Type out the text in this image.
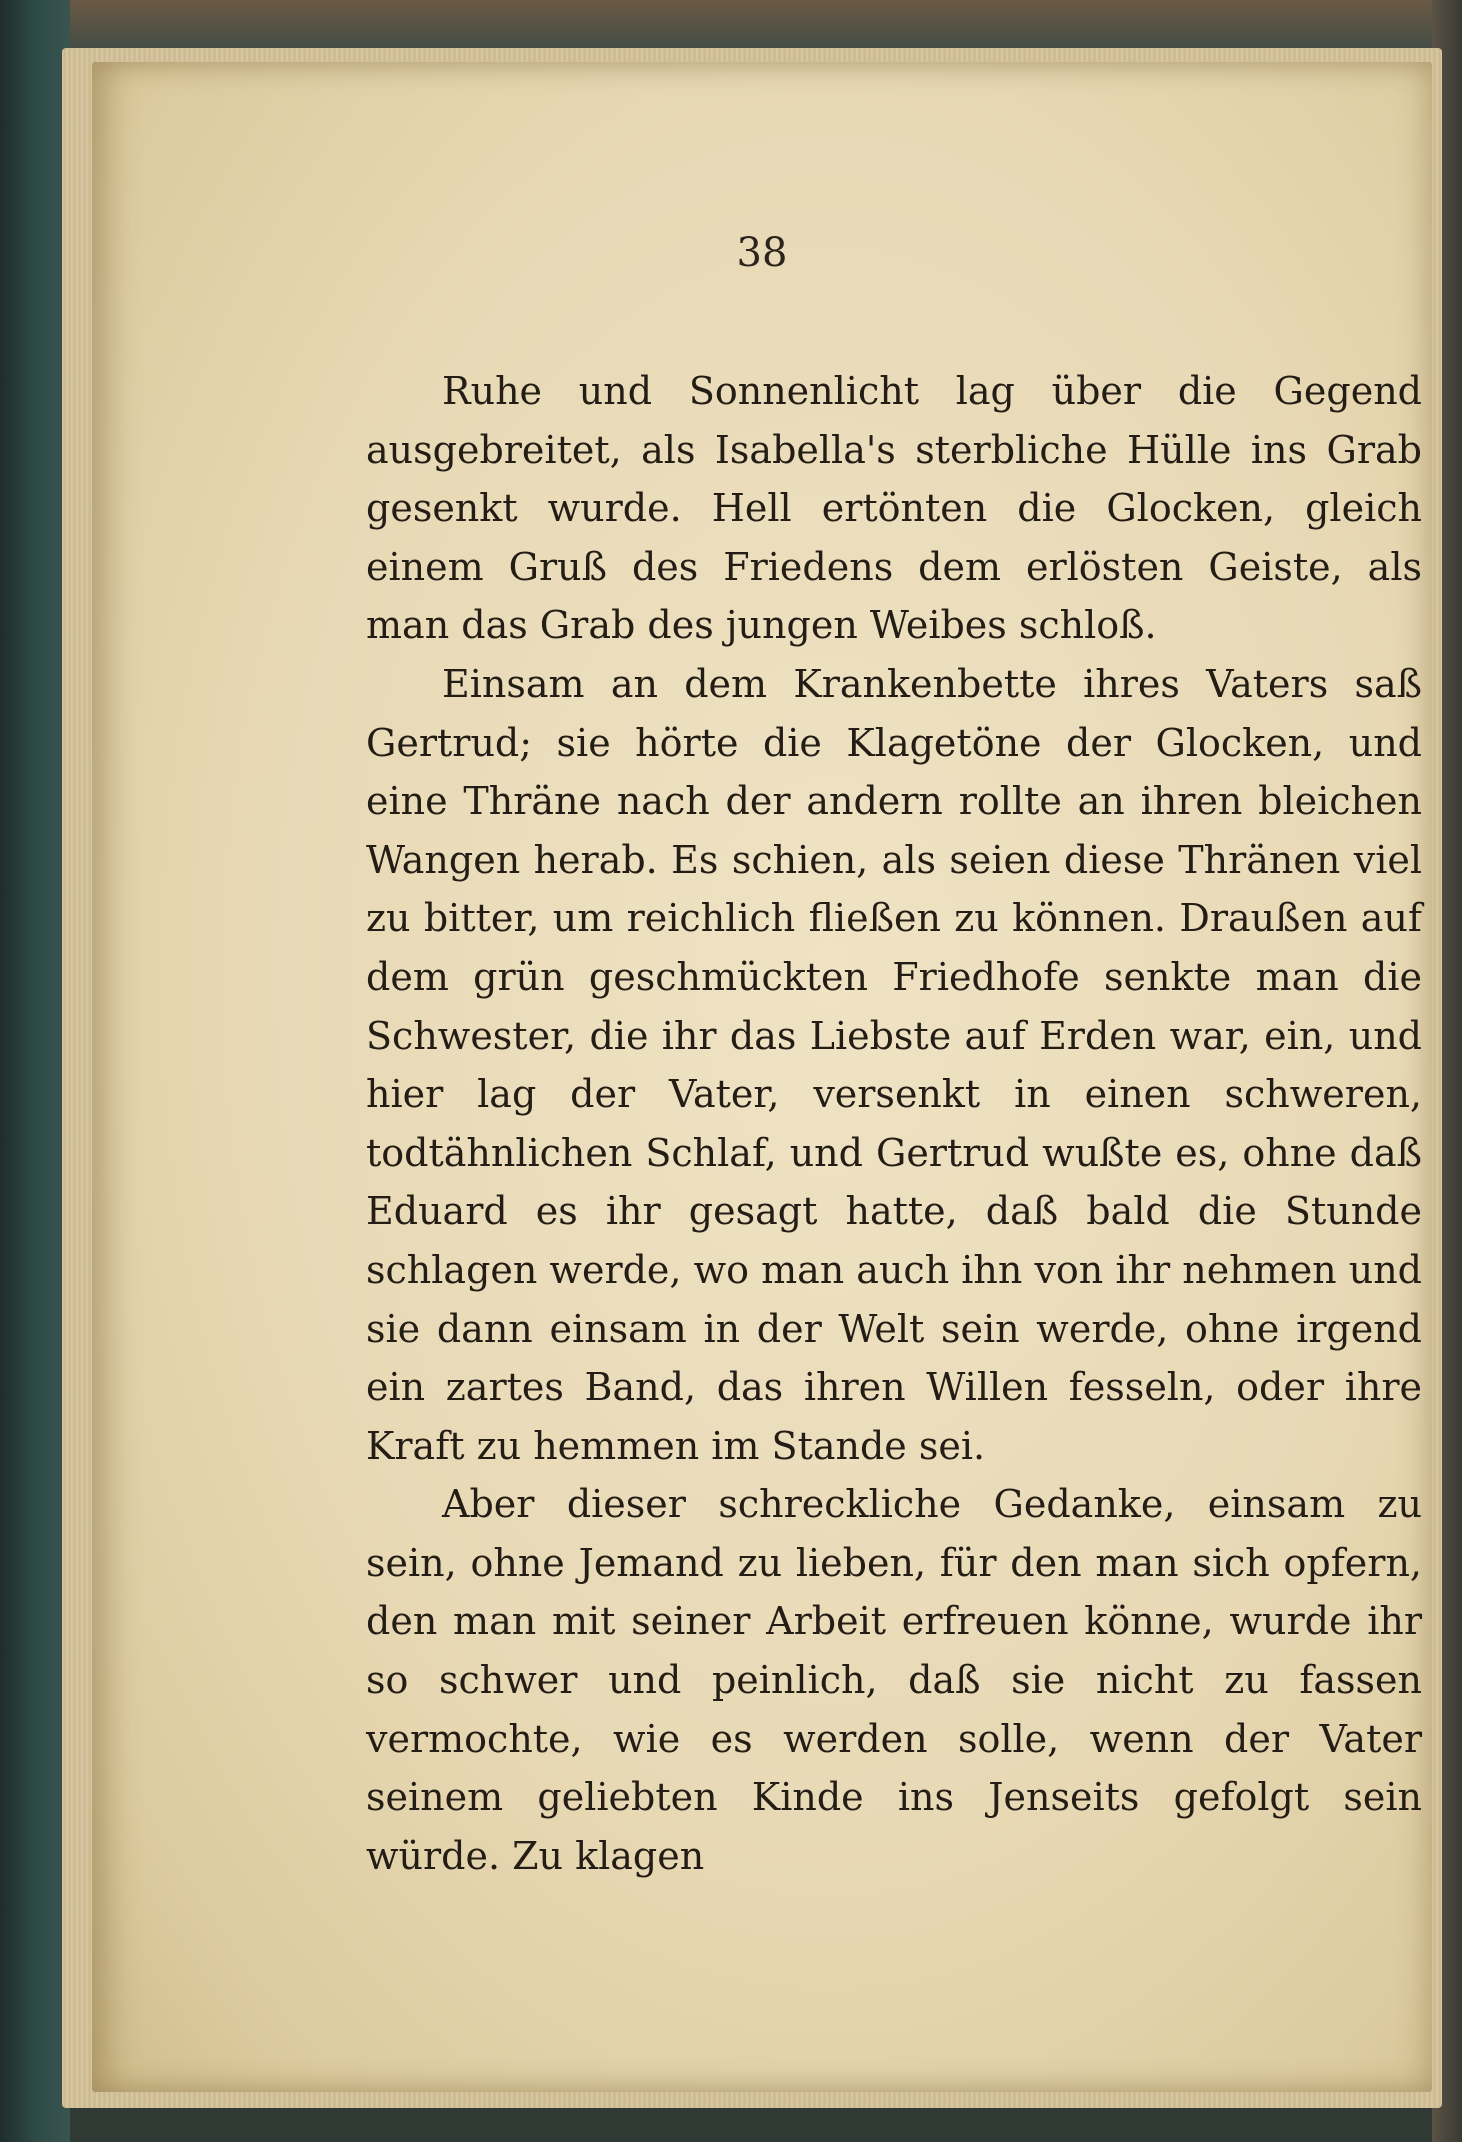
38

Ruhe und Sonnenlicht lag über die Gegend ausgebreitet, als Isabella's sterbliche Hülle ins Grab gesenkt wurde. Hell ertönten die Glocken, gleich einem Gruß des Friedens dem erlösten Geiste, als man das Grab des jungen Weibes schloß.

Einsam an dem Krankenbette ihres Vaters saß Gertrud; sie hörte die Klagetöne der Glocken, und eine Thräne nach der andern rollte an ihren bleichen Wangen herab. Es schien, als seien diese Thränen viel zu bitter, um reichlich fließen zu können. Draußen auf dem grün geschmückten Friedhofe senkte man die Schwester, die ihr das Liebste auf Erden war, ein, und hier lag der Vater, versenkt in einen schweren, todtähnlichen Schlaf, und Gertrud wußte es, ohne daß Eduard es ihr gesagt hatte, daß bald die Stunde schlagen werde, wo man auch ihn von ihr nehmen und sie dann einsam in der Welt sein werde, ohne irgend ein zartes Band, das ihren Willen fesseln, oder ihre Kraft zu hemmen im Stande sei.

Aber dieser schreckliche Gedanke, einsam zu sein, ohne Jemand zu lieben, für den man sich opfern, den man mit seiner Arbeit erfreuen könne, wurde ihr so schwer und peinlich, daß sie nicht zu fassen vermochte, wie es werden solle, wenn der Vater seinem geliebten Kinde ins Jenseits gefolgt sein würde. Zu klagen
